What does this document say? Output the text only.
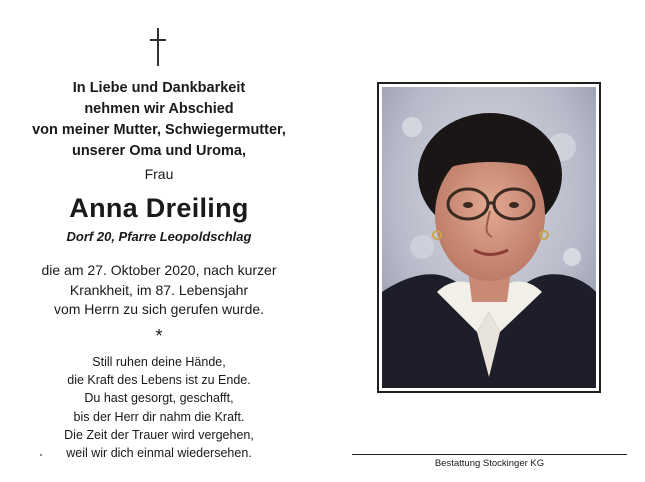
In Liebe und Dankbarkeit
nehmen wir Abschied
von meiner Mutter, Schwiegermutter,
unserer Oma und Uroma,
Frau
Anna Dreiling
Dorf 20, Pfarre Leopoldschlag
die am 27. Oktober 2020, nach kurzer
Krankheit, im 87. Lebensjahr
vom Herrn zu sich gerufen wurde.
*
Still ruhen deine Hände,
die Kraft des Lebens ist zu Ende.
Du hast gesorgt, geschafft,
bis der Herr dir nahm die Kraft.
Die Zeit der Trauer wird vergehen,
weil wir dich einmal wiedersehen.
Bestattung Stockinger KG
